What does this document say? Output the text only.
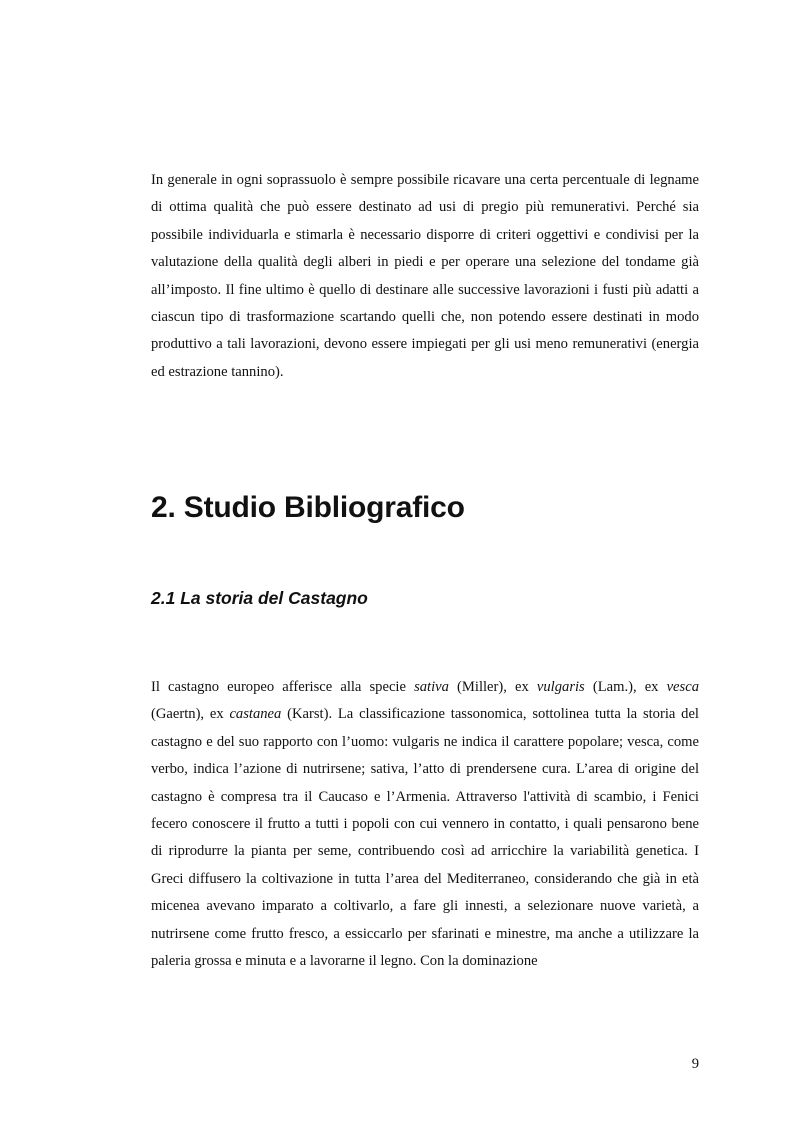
In generale in ogni soprassuolo è sempre possibile ricavare una certa percentuale di legname di ottima qualità che può essere destinato ad usi di pregio più remunerativi. Perché sia possibile individuarla e stimarla è necessario disporre di criteri oggettivi e condivisi per la valutazione della qualità degli alberi in piedi e per operare una selezione del tondame già all’imposto. Il fine ultimo è quello di destinare alle successive lavorazioni i fusti più adatti a ciascun tipo di trasformazione scartando quelli che, non potendo essere destinati in modo produttivo a tali lavorazioni, devono essere impiegati per gli usi meno remunerativi (energia ed estrazione tannino).

2. Studio Bibliografico
2.1 La storia del Castagno

Il castagno europeo afferisce alla specie sativa (Miller), ex vulgaris (Lam.), ex vesca (Gaertn), ex castanea (Karst). La classificazione tassonomica, sottolinea tutta la storia del castagno e del suo rapporto con l’uomo: vulgaris ne indica il carattere popolare; vesca, come verbo, indica l’azione di nutrirsene; sativa, l’atto di prendersene cura. L’area di origine del castagno è compresa tra il Caucaso e l’Armenia. Attraverso l'attività di scambio, i Fenici fecero conoscere il frutto a tutti i popoli con cui vennero in contatto, i quali pensarono bene di riprodurre la pianta per seme, contribuendo così ad arricchire la variabilità genetica. I Greci diffusero la coltivazione in tutta l’area del Mediterraneo, considerando che già in età micenea avevano imparato a coltivarlo, a fare gli innesti, a selezionare nuove varietà, a nutrirsene come frutto fresco, a essiccarlo per sfarinati e minestre, ma anche a utilizzare la paleria grossa e minuta e a lavorarne il legno. Con la dominazione

9
